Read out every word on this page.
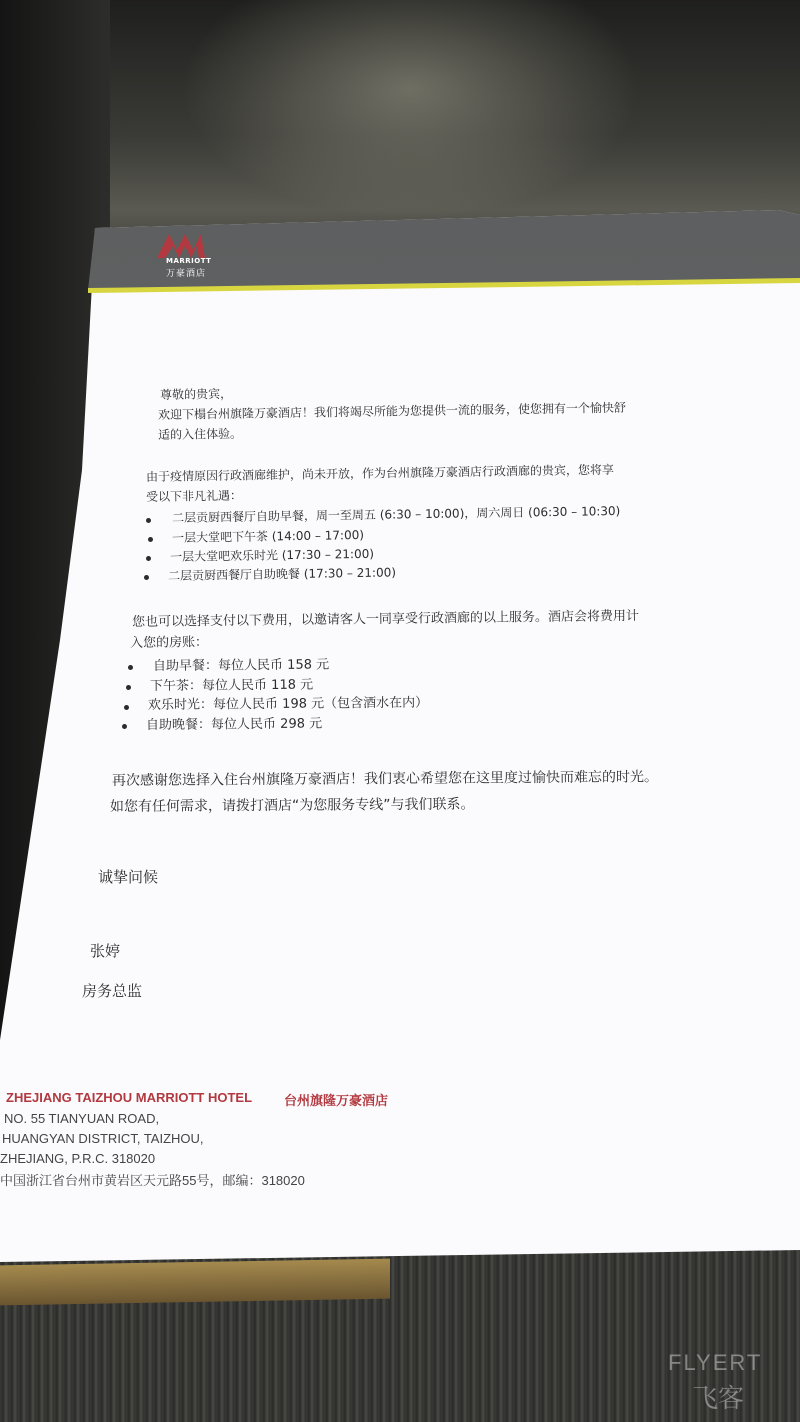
MARRIOTT
万豪酒店
尊敬的贵宾，
欢迎下榻台州旗隆万豪酒店！我们将竭尽所能为您提供一流的服务，使您拥有一个愉快舒
适的入住体验。
由于疫情原因行政酒廊维护，尚未开放，作为台州旗隆万豪酒店行政酒廊的贵宾，您将享
受以下非凡礼遇：
二层贡厨西餐厅自助早餐，周一至周五 (6:30 – 10:00)，周六周日 (06:30 – 10:30)
一层大堂吧下午茶 (14:00 – 17:00)
一层大堂吧欢乐时光 (17:30 – 21:00)
二层贡厨西餐厅自助晚餐 (17:30 – 21:00)
您也可以选择支付以下费用，以邀请客人一同享受行政酒廊的以上服务。酒店会将费用计
入您的房账：
自助早餐：每位人民币 158 元
下午茶：每位人民币 118 元
欢乐时光：每位人民币 198 元（包含酒水在内）
自助晚餐：每位人民币 298 元
再次感谢您选择入住台州旗隆万豪酒店！我们衷心希望您在这里度过愉快而难忘的时光。
如您有任何需求，请拨打酒店“为您服务专线”与我们联系。
诚挚问候
张婷
房务总监
ZHEJIANG TAIZHOU MARRIOTT HOTEL 台州旗隆万豪酒店
NO. 55 TIANYUAN ROAD,
HUANGYAN DISTRICT, TAIZHOU,
ZHEJIANG, P.R.C. 318020
中国浙江省台州市黄岩区天元路55号，邮编：318020
FLYERT
飞客
